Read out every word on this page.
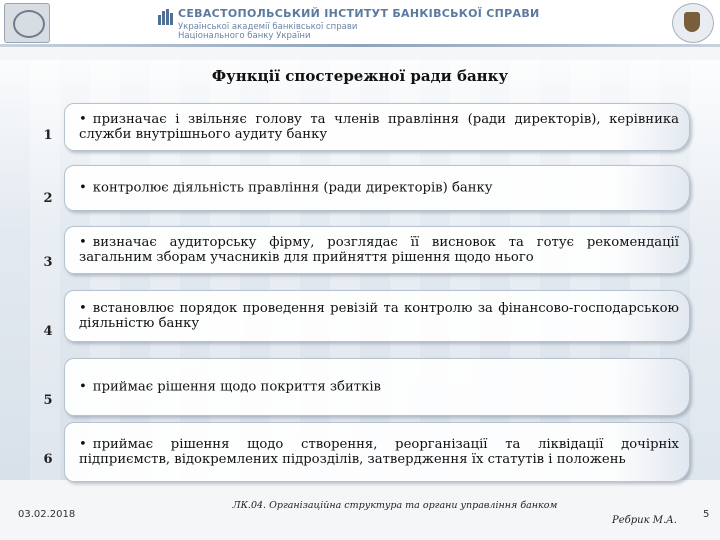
СЕВАСТОПОЛЬСЬКИЙ ІНСТИТУТ БАНКІВСЬКОЇ СПРАВИ
Української академії банківської справи
Національного банку України
Функції спостережної ради банку
1
• призначає і звільняє голову та членів правління (ради директорів), керівника служби внутрішнього аудиту банку
2
• контролює діяльність правління (ради директорів) банку
3
• визначає аудиторську фірму, розглядає її висновок та готує рекомендації загальним зборам учасників для прийняття рішення щодо нього
4
• встановлює порядок проведення ревізій та контролю за фінансово-господарською діяльністю банку
5
• приймає рішення щодо покриття збитків
6
• приймає рішення щодо створення, реорганізації та ліквідації дочірніх підприємств, відокремлених підрозділів, затвердження їх статутів і положень
03.02.2018
ЛК.04. Організаційна структура та органи управління банком
Ребрик М.А.
5
